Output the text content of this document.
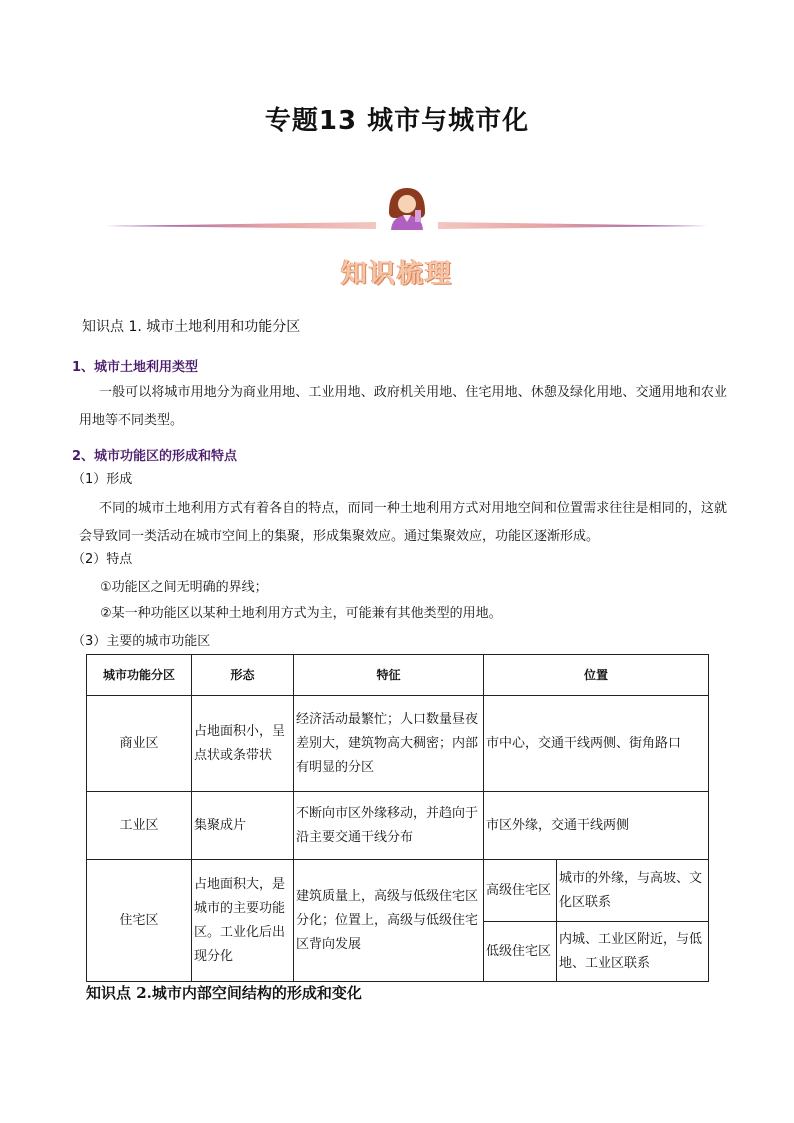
专题13 城市与城市化
知识梳理
知识点 1. 城市土地利用和功能分区
1、城市土地利用类型
一般可以将城市用地分为商业用地、工业用地、政府机关用地、住宅用地、休憩及绿化用地、交通用地和农业用地等不同类型。
2、城市功能区的形成和特点
（1）形成
不同的城市土地利用方式有着各自的特点，而同一种土地利用方式对用地空间和位置需求往往是相同的，这就会导致同一类活动在城市空间上的集聚，形成集聚效应。通过集聚效应，功能区逐渐形成。
（2）特点
①功能区之间无明确的界线；
②某一种功能区以某种土地利用方式为主，可能兼有其他类型的用地。
（3）主要的城市功能区
城市功能分区	形态	特征	位置	
商业区	占地面积小，呈点状或条带状	经济活动最繁忙；人口数量昼夜差别大，建筑物高大稠密；内部有明显的分区	市中心，交通干线两侧、街角路口	
工业区	集聚成片	不断向市区外缘移动，并趋向于沿主要交通干线分布	市区外缘，交通干线两侧	
住宅区	占地面积大，是城市的主要功能区。工业化后出现分化	建筑质量上，高级与低级住宅区分化；位置上，高级与低级住宅区背向发展	高级住宅区	城市的外缘，与高坡、文化区联系
			低级住宅区	内城、工业区附近，与低地、工业区联系
知识点 2.城市内部空间结构的形成和变化
